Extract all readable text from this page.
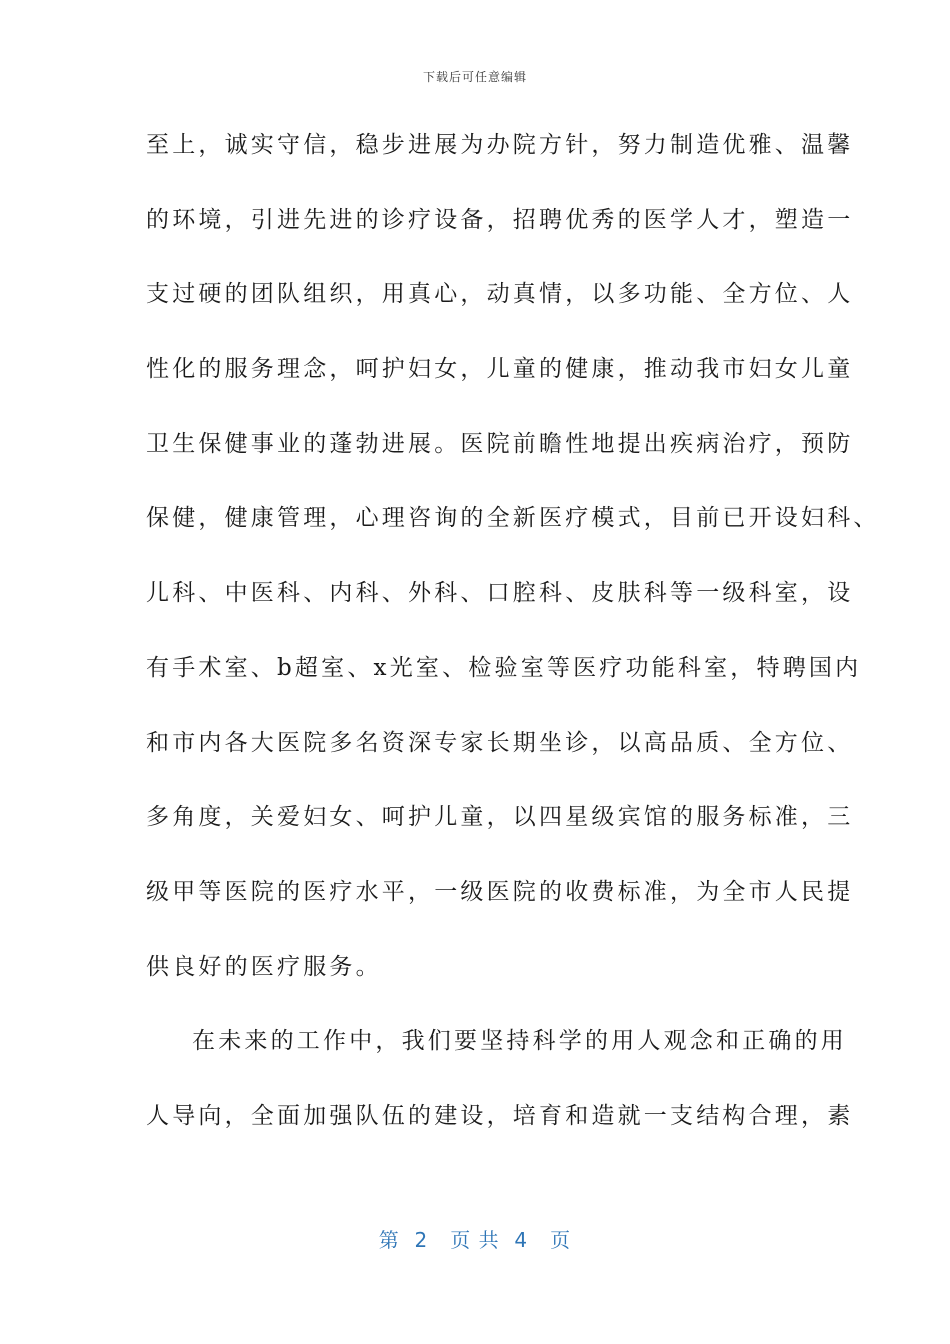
下载后可任意编辑
至上，诚实守信，稳步进展为办院方针，努力制造优雅、温馨
的环境，引进先进的诊疗设备，招聘优秀的医学人才，塑造一
支过硬的团队组织，用真心，动真情，以多功能、全方位、人
性化的服务理念，呵护妇女，儿童的健康，推动我市妇女儿童
卫生保健事业的蓬勃进展。医院前瞻性地提出疾病治疗，预防
保健，健康管理，心理咨询的全新医疗模式，目前已开设妇科、
儿科、中医科、内科、外科、口腔科、皮肤科等一级科室，设
有手术室、b超室、x光室、检验室等医疗功能科室，特聘国内
和市内各大医院多名资深专家长期坐诊，以高品质、全方位、
多角度，关爱妇女、呵护儿童，以四星级宾馆的服务标准，三
级甲等医院的医疗水平，一级医院的收费标准，为全市人民提
供良好的医疗服务。
在未来的工作中，我们要坚持科学的用人观念和正确的用
人导向，全面加强队伍的建设，培育和造就一支结构合理，素
第  2   页 共  4   页
